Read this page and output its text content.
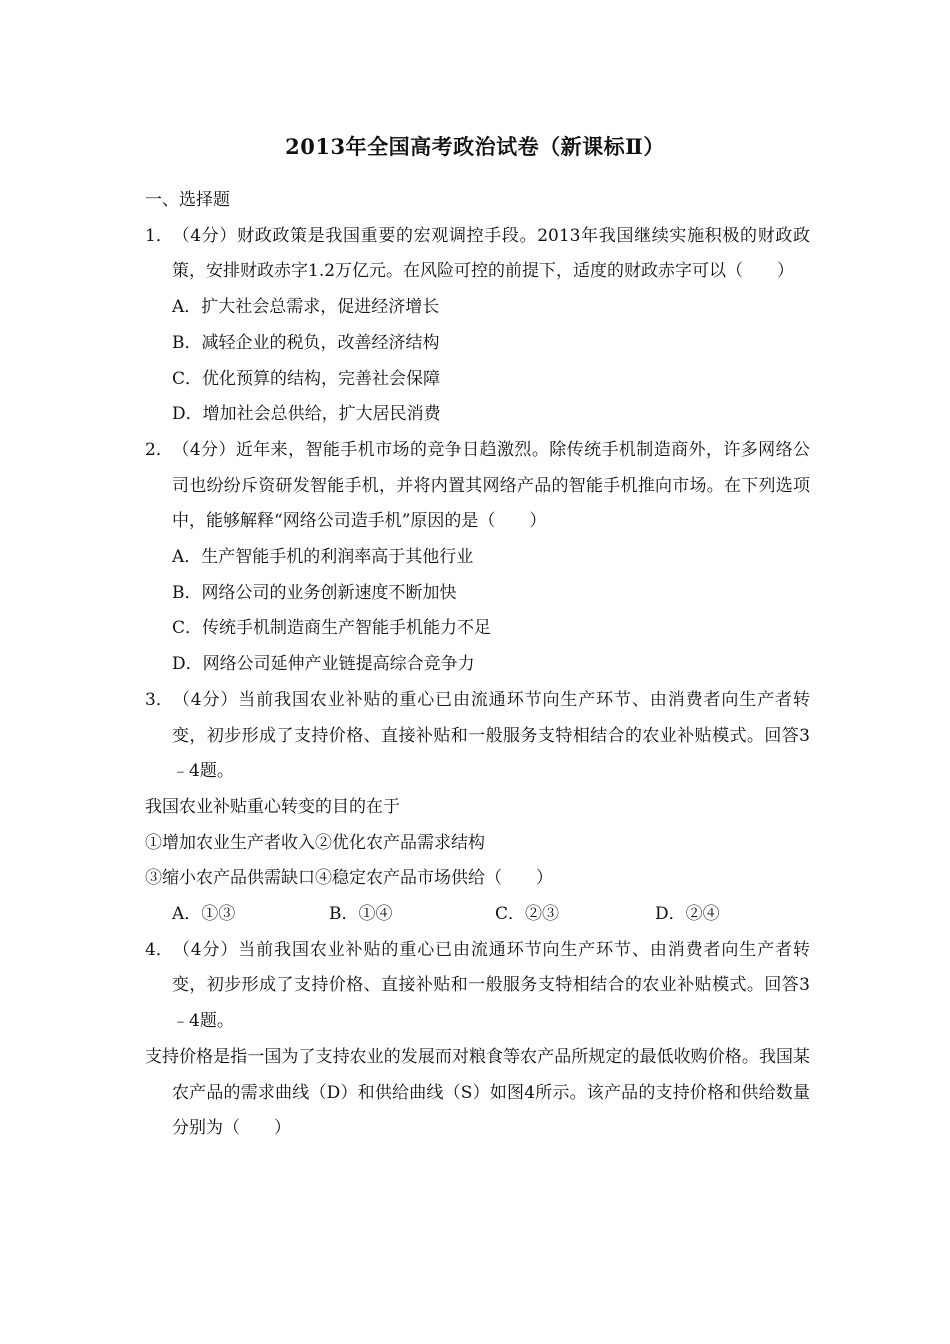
2013年全国高考政治试卷（新课标Ⅱ）

一、选择题

1．（4分）财政政策是我国重要的宏观调控手段。2013年我国继续实施积极的财政政策，安排财政赤字1.2万亿元。在风险可控的前提下，适度的财政赤字可以（　　）

A．扩大社会总需求，促进经济增长

B．减轻企业的税负，改善经济结构

C．优化预算的结构，完善社会保障

D．增加社会总供给，扩大居民消费

2．（4分）近年来，智能手机市场的竞争日趋激烈。除传统手机制造商外，许多网络公司也纷纷斥资研发智能手机，并将内置其网络产品的智能手机推向市场。在下列选项中，能够解释“网络公司造手机”原因的是（　　）

A．生产智能手机的利润率高于其他行业

B．网络公司的业务创新速度不断加快

C．传统手机制造商生产智能手机能力不足

D．网络公司延伸产业链提高综合竞争力

3．（4分）当前我国农业补贴的重心已由流通环节向生产环节、由消费者向生产者转变，初步形成了支持价格、直接补贴和一般服务支特相结合的农业补贴模式。回答3﹣4题。

我国农业补贴重心转变的目的在于

①增加农业生产者收入②优化农产品需求结构

③缩小农产品供需缺口④稳定农产品市场供给（　　）

A．①③	B．①④	C．②③	D．②④

4．（4分）当前我国农业补贴的重心已由流通环节向生产环节、由消费者向生产者转变，初步形成了支持价格、直接补贴和一般服务支特相结合的农业补贴模式。回答3﹣4题。

支持价格是指一国为了支持农业的发展而对粮食等农产品所规定的最低收购价格。我国某农产品的需求曲线（D）和供给曲线（S）如图4所示。该产品的支持价格和供给数量分别为（　　）
